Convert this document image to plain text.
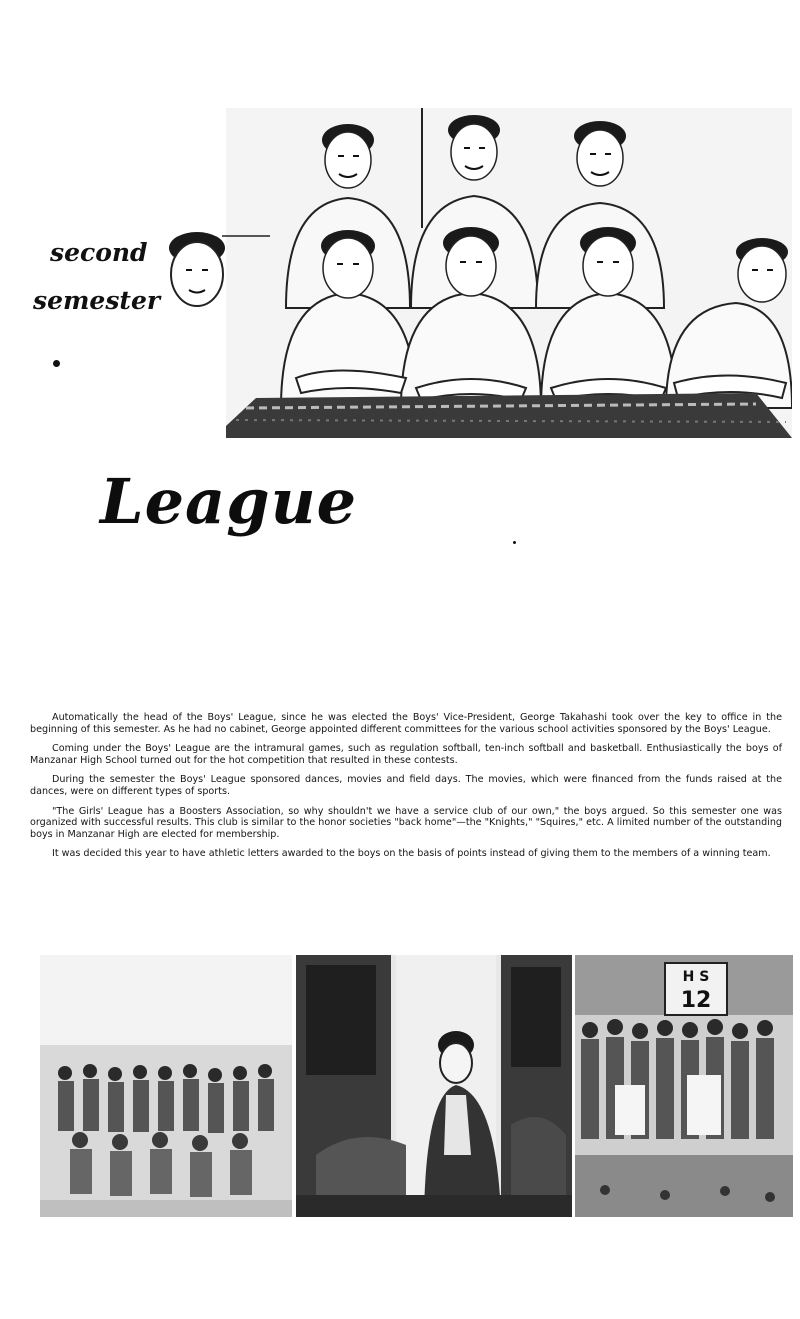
second
semester
League

Automatically the head of the Boys' League, since he was elected the Boys' Vice-President, George Takahashi took over the key to office in the beginning of this semester. As he had no cabinet, George appointed different committees for the various school activities sponsored by the Boys' League.

Coming under the Boys' League are the intramural games, such as regulation softball, ten-inch softball and basketball. Enthusiastically the boys of Manzanar High School turned out for the hot competition that resulted in these contests.

During the semester the Boys' League sponsored dances, movies and field days. The movies, which were financed from the funds raised at the dances, were on different types of sports.

"The Girls' League has a Boosters Association, so why shouldn't we have a service club of our own," the boys argued. So this semester one was organized with successful results. This club is similar to the honor societies "back home"—the "Knights," "Squires," etc. A limited number of the outstanding boys in Manzanar High are elected for membership.

It was decided this year to have athletic letters awarded to the boys on the basis of points instead of giving them to the members of a winning team.

H S
12
